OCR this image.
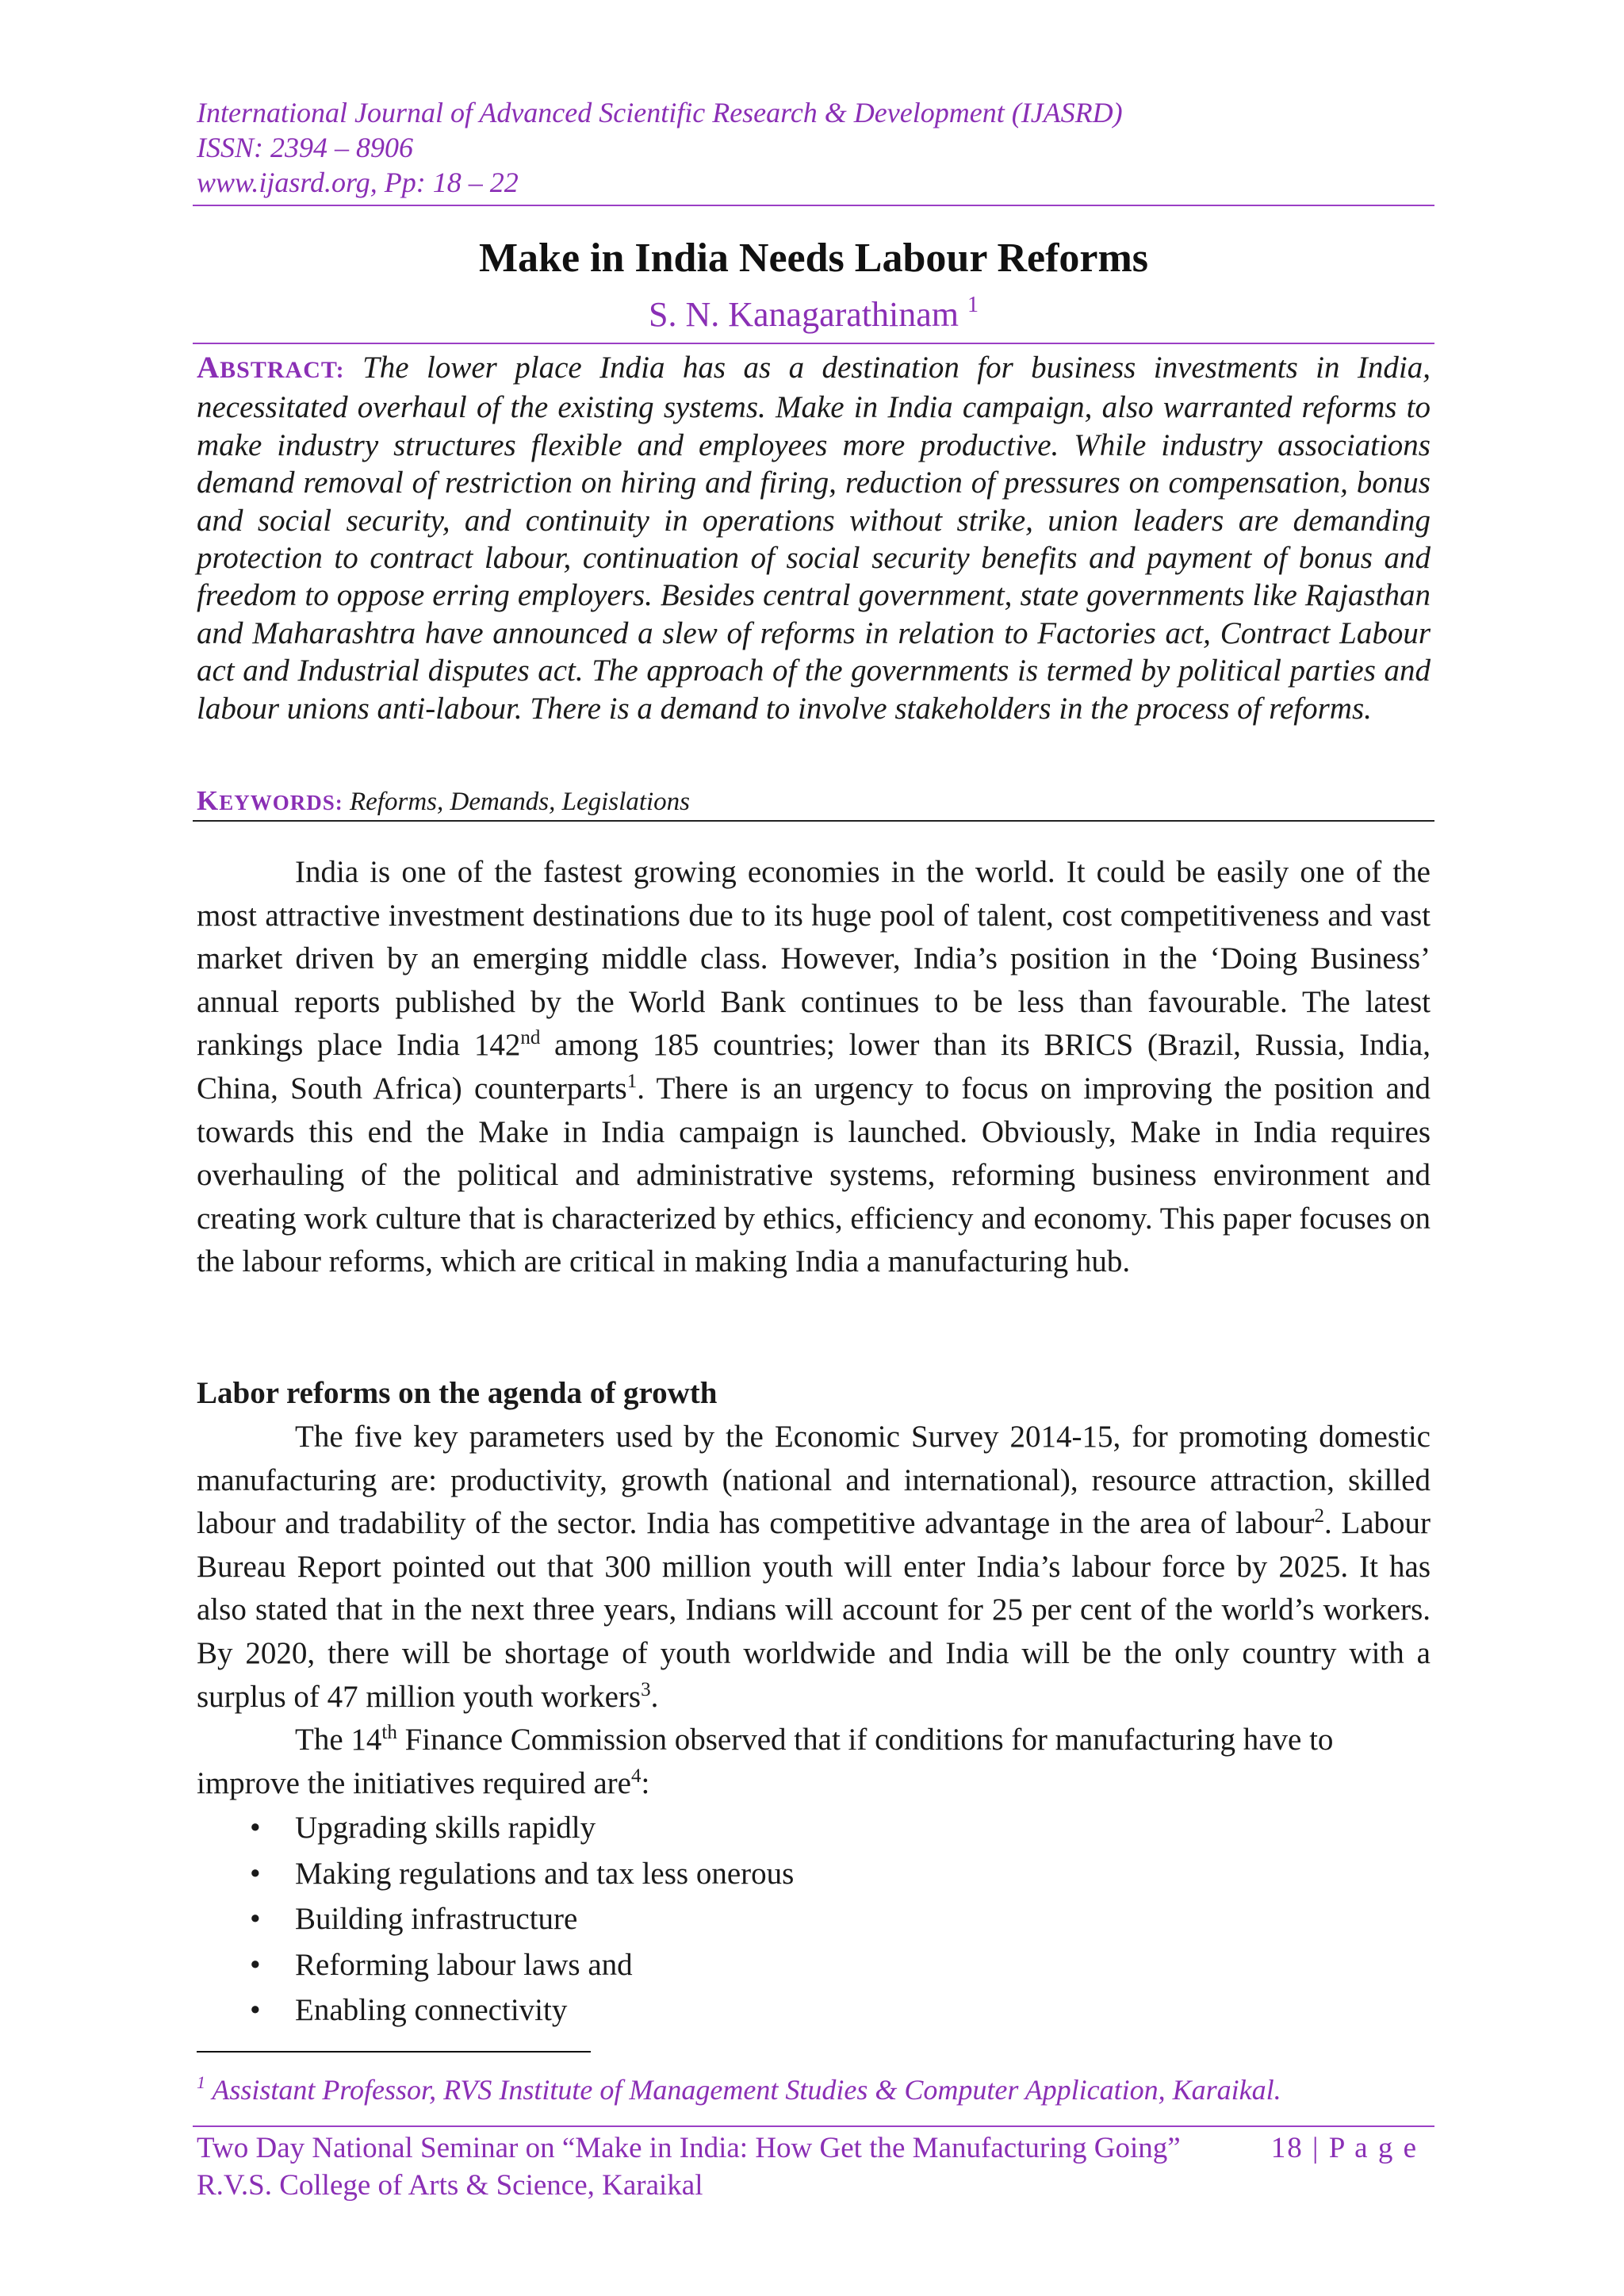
International Journal of Advanced Scientific Research & Development (IJASRD)
ISSN: 2394 – 8906
www.ijasrd.org, Pp: 18 – 22
Make in India Needs Labour Reforms
S. N. Kanagarathinam $^1$
ABSTRACT: The lower place India has as a destination for business investments in India, necessitated overhaul of the existing systems. Make in India campaign, also warranted reforms to make industry structures flexible and employees more productive. While industry associations demand removal of restriction on hiring and firing, reduction of pressures on compensation, bonus and social security, and continuity in operations without strike, union leaders are demanding protection to contract labour, continuation of social security benefits and payment of bonus and freedom to oppose erring employers. Besides central government, state governments like Rajasthan and Maharashtra have announced a slew of reforms in relation to Factories act, Contract Labour act and Industrial disputes act. The approach of the governments is termed by political parties and labour unions anti-labour. There is a demand to involve stakeholders in the process of reforms.
KEYWORDS: Reforms, Demands, Legislations

India is one of the fastest growing economies in the world. It could be easily one of the most attractive investment destinations due to its huge pool of talent, cost competitiveness and vast market driven by an emerging middle class. However, India’s position in the ‘Doing Business’ annual reports published by the World Bank continues to be less than favourable. The latest rankings place India 142nd among 185 countries; lower than its BRICS (Brazil, Russia, India, China, South Africa) counterparts$^1$. There is an urgency to focus on improving the position and towards this end the Make in India campaign is launched. Obviously, Make in India requires overhauling of the political and administrative systems, reforming business environment and creating work culture that is characterized by ethics, efficiency and economy. This paper focuses on the labour reforms, which are critical in making India a manufacturing hub.

Labor reforms on the agenda of growth

The five key parameters used by the Economic Survey 2014-15, for promoting domestic manufacturing are: productivity, growth (national and international), resource attraction, skilled labour and tradability of the sector. India has competitive advantage in the area of labour$^2$. Labour Bureau Report pointed out that 300 million youth will enter India’s labour force by 2025. It has also stated that in the next three years, Indians will account for 25 per cent of the world’s workers. By 2020, there will be shortage of youth worldwide and India will be the only country with a surplus of 47 million youth workers$^3$.

The 14th Finance Commission observed that if conditions for manufacturing have to improve the initiatives required are$^4$:

• Upgrading skills rapidly
• Making regulations and tax less onerous
• Building infrastructure
• Reforming labour laws and
• Enabling connectivity
$^1$ Assistant Professor, RVS Institute of Management Studies & Computer Application, Karaikal.
Two Day National Seminar on “Make in India: How Get the Manufacturing Going”
R.V.S. College of Arts & Science, Karaikal
18 | P a g e
